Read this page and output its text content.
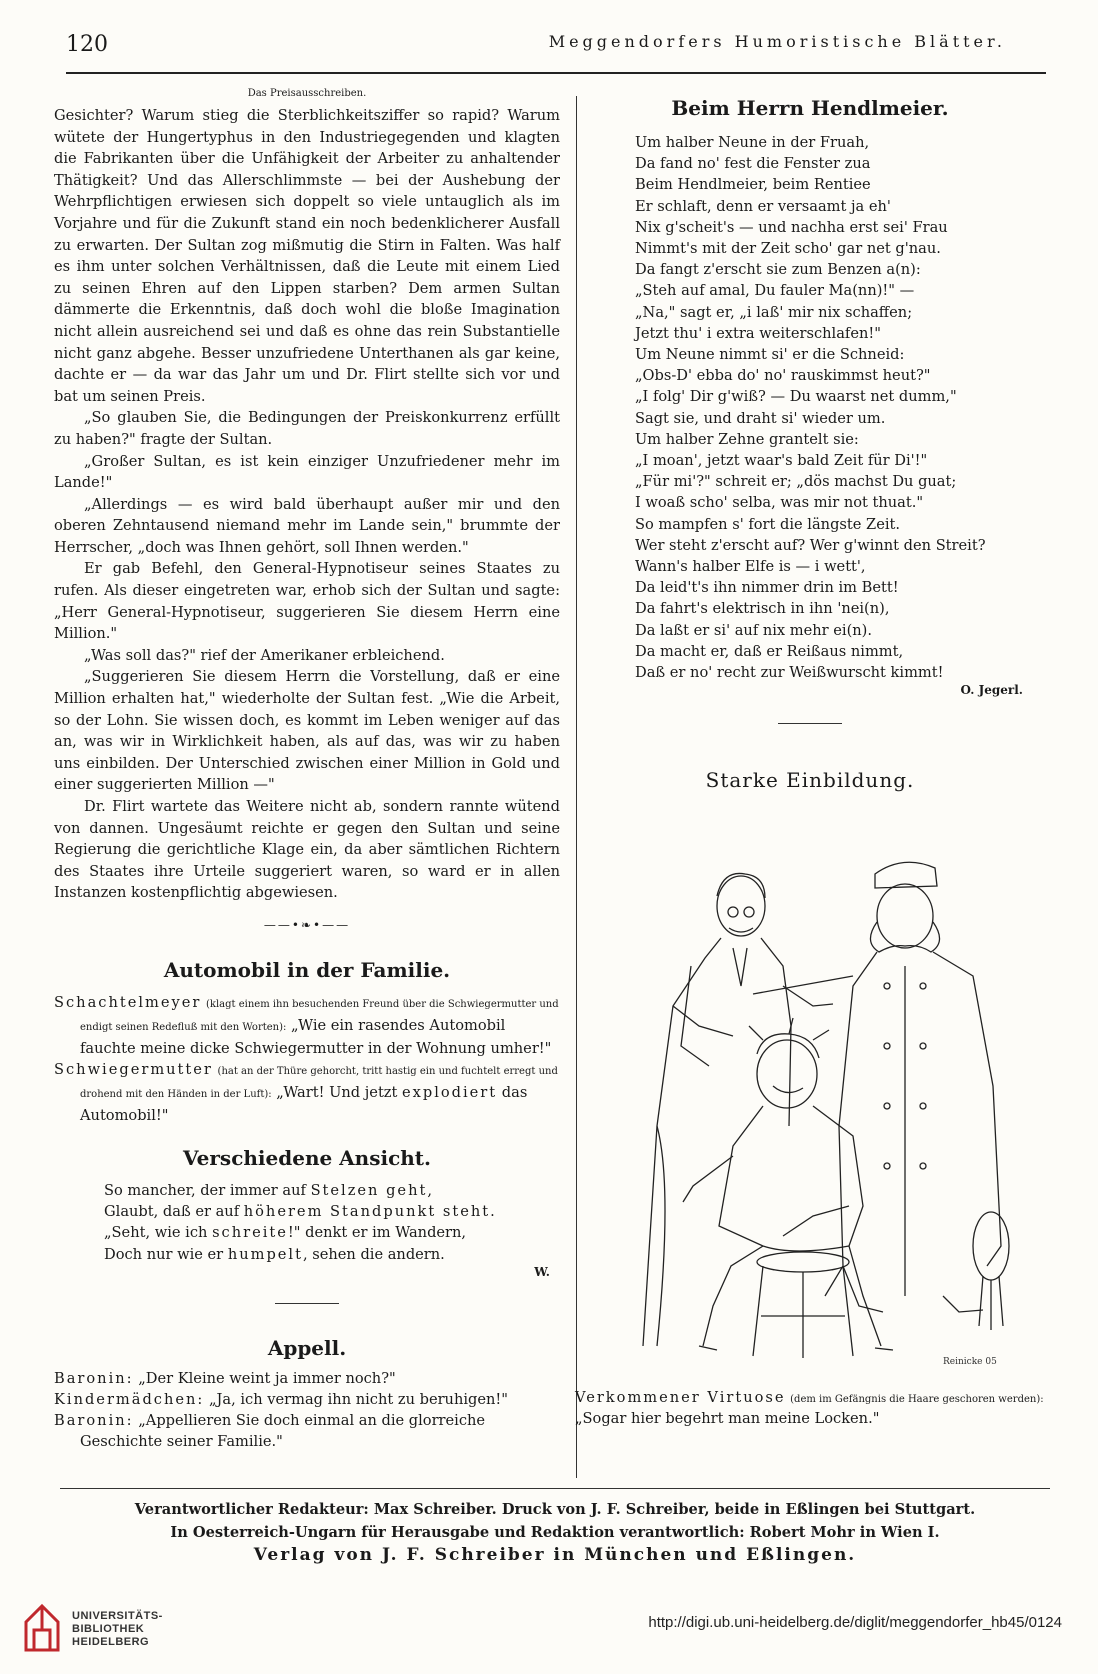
120	Meggendorfers Humoristische Blätter.
Das Preisausschreiben.

Gesichter? Warum stieg die Sterblichkeitsziffer so rapid? Warum wütete der Hungertyphus in den Industriegegenden und klagten die Fabrikanten über die Unfähigkeit der Arbeiter zu anhaltender Thätigkeit? Und das Allerschlimmste — bei der Aushebung der Wehrpflichtigen erwiesen sich doppelt so viele untauglich als im Vorjahre und für die Zukunft stand ein noch bedenklicherer Ausfall zu erwarten. Der Sultan zog mißmutig die Stirn in Falten. Was half es ihm unter solchen Verhältnissen, daß die Leute mit einem Lied zu seinen Ehren auf den Lippen starben? Dem armen Sultan dämmerte die Erkenntnis, daß doch wohl die bloße Imagination nicht allein ausreichend sei und daß es ohne das rein Substantielle nicht ganz abgehe. Besser unzufriedene Unterthanen als gar keine, dachte er — da war das Jahr um und Dr. Flirt stellte sich vor und bat um seinen Preis.

„So glauben Sie, die Bedingungen der Preiskonkurrenz erfüllt zu haben?" fragte der Sultan.

„Großer Sultan, es ist kein einziger Unzufriedener mehr im Lande!"

„Allerdings — es wird bald überhaupt außer mir und den oberen Zehntausend niemand mehr im Lande sein," brummte der Herrscher, „doch was Ihnen gehört, soll Ihnen werden."

Er gab Befehl, den General-Hypnotiseur seines Staates zu rufen. Als dieser eingetreten war, erhob sich der Sultan und sagte: „Herr General-Hypnotiseur, suggerieren Sie diesem Herrn eine Million."

„Was soll das?" rief der Amerikaner erbleichend.

„Suggerieren Sie diesem Herrn die Vorstellung, daß er eine Million erhalten hat," wiederholte der Sultan fest. „Wie die Arbeit, so der Lohn. Sie wissen doch, es kommt im Leben weniger auf das an, was wir in Wirklichkeit haben, als auf das, was wir zu haben uns einbilden. Der Unterschied zwischen einer Million in Gold und einer suggerierten Million —"

Dr. Flirt wartete das Weitere nicht ab, sondern rannte wütend von dannen. Ungesäumt reichte er gegen den Sultan und seine Regierung die gerichtliche Klage ein, da aber sämtlichen Richtern des Staates ihre Urteile suggeriert waren, so ward er in allen Instanzen kostenpflichtig abgewiesen.

——•❧•——
Automobil in der Familie.

Schachtelmeyer (klagt einem ihn besuchenden Freund über die Schwiegermutter und endigt seinen Redefluß mit den Worten): „Wie ein rasendes Automobil fauchte meine dicke Schwiegermutter in der Wohnung umher!"

Schwiegermutter (hat an der Thüre gehorcht, tritt hastig ein und fuchtelt erregt und drohend mit den Händen in der Luft): „Wart! Und jetzt explodiert das Automobil!"

Verschiedene Ansicht.

So mancher, der immer auf Stelzen geht,

Glaubt, daß er auf höherem Standpunkt steht.

„Seht, wie ich schreite!" denkt er im Wandern,

Doch nur wie er humpelt, sehen die andern.

W.
Appell.

Baronin: „Der Kleine weint ja immer noch?"

Kindermädchen: „Ja, ich vermag ihn nicht zu beruhigen!"

Baronin: „Appellieren Sie doch einmal an die glorreiche Geschichte seiner Familie."

Beim Herrn Hendlmeier.

Um halber Neune in der Fruah,

Da fand no' fest die Fenster zua

Beim Hendlmeier, beim Rentiee

Er schlaft, denn er versaamt ja eh'

Nix g'scheit's — und nachha erst sei' Frau

Nimmt's mit der Zeit scho' gar net g'nau.

Da fangt z'erscht sie zum Benzen a(n):

„Steh auf amal, Du fauler Ma(nn)!" —

„Na," sagt er, „i laß' mir nix schaffen;

Jetzt thu' i extra weiterschlafen!"

Um Neune nimmt si' er die Schneid:

„Obs-D' ebba do' no' rauskimmst heut?"

„I folg' Dir g'wiß? — Du waarst net dumm,"

Sagt sie, und draht si' wieder um.

Um halber Zehne grantelt sie:

„I moan', jetzt waar's bald Zeit für Di'!"

„Für mi'?" schreit er; „dös machst Du guat;

I woaß scho' selba, was mir not thuat."

So mampfen s' fort die längste Zeit.

Wer steht z'erscht auf? Wer g'winnt den Streit?

Wann's halber Elfe is — i wett',

Da leid't's ihn nimmer drin im Bett!

Da fahrt's elektrisch in ihn 'nei(n),

Da laßt er si' auf nix mehr ei(n).

Da macht er, daß er Reißaus nimmt,

Daß er no' recht zur Weißwurscht kimmt!

O. Jegerl.
Starke Einbildung.
Reinicke 05

Verkommener Virtuose (dem im Gefängnis die Haare geschoren werden): „Sogar hier begehrt man meine Locken."

Verantwortlicher Redakteur: Max Schreiber. Druck von J. F. Schreiber, beide in Eßlingen bei Stuttgart.

In Oesterreich-Ungarn für Herausgabe und Redaktion verantwortlich: Robert Mohr in Wien I.

Verlag von J. F. Schreiber in München und Eßlingen.

UNIVERSITÄTS-
BIBLIOTHEK
HEIDELBERG
http://digi.ub.uni-heidelberg.de/diglit/meggendorfer_hb45/0124
